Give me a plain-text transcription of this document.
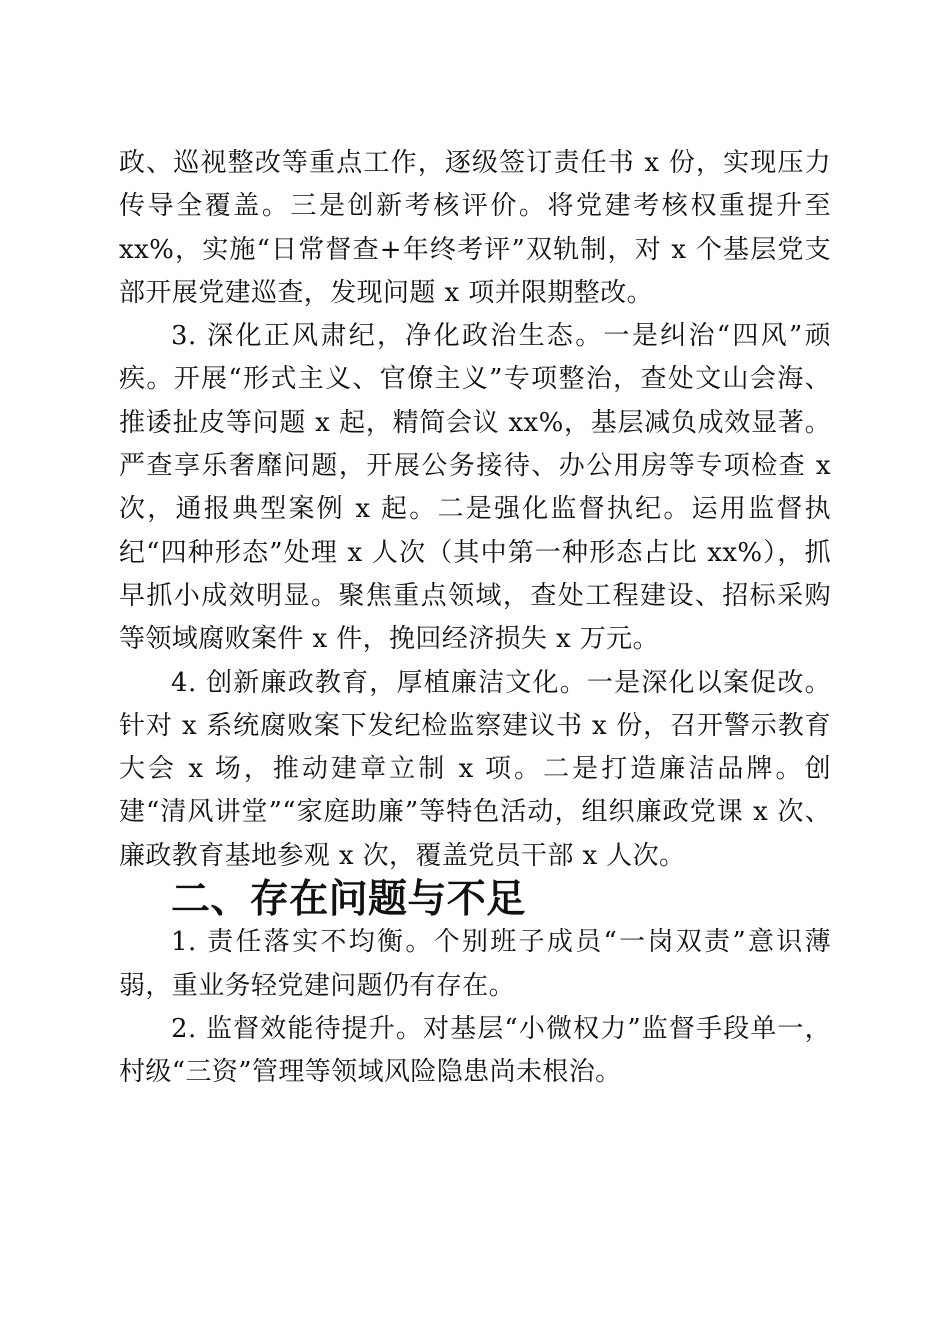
政、巡视整改等重点工作，逐级签订责任书 x 份，实现压力传导全覆盖。三是创新考核评价。将党建考核权重提升至 xx%，实施“日常督查+年终考评”双轨制，对 x 个基层党支部开展党建巡查，发现问题 x 项并限期整改。

3. 深化正风肃纪，净化政治生态。一是纠治“四风”顽疾。开展“形式主义、官僚主义”专项整治，查处文山会海、推诿扯皮等问题 x 起，精简会议 xx%，基层减负成效显著。严查享乐奢靡问题，开展公务接待、办公用房等专项检查 x 次，通报典型案例 x 起。二是强化监督执纪。运用监督执纪“四种形态”处理 x 人次（其中第一种形态占比 xx%），抓早抓小成效明显。聚焦重点领域，查处工程建设、招标采购等领域腐败案件 x 件，挽回经济损失 x 万元。

4. 创新廉政教育，厚植廉洁文化。一是深化以案促改。针对 x 系统腐败案下发纪检监察建议书 x 份，召开警示教育大会 x 场，推动建章立制 x 项。二是打造廉洁品牌。创建“清风讲堂”“家庭助廉”等特色活动，组织廉政党课 x 次、廉政教育基地参观 x 次，覆盖党员干部 x 人次。

二、存在问题与不足

1. 责任落实不均衡。个别班子成员“一岗双责”意识薄弱，重业务轻党建问题仍有存在。

2. 监督效能待提升。对基层“小微权力”监督手段单一，村级“三资”管理等领域风险隐患尚未根治。
